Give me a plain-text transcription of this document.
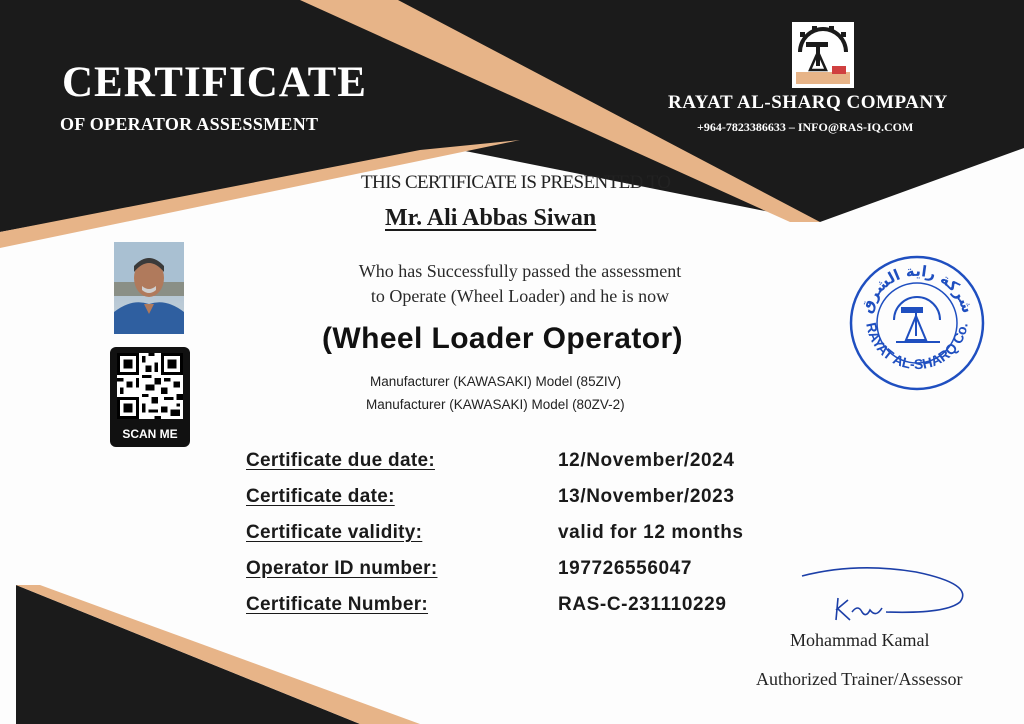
CERTIFICATE
OF OPERATOR ASSESSMENT
RAYAT AL-SHARQ COMPANY
+964-7823386633 – INFO@RAS-IQ.COM
THIS CERTIFICATE IS PRESENTED TO
Mr. Ali Abbas Siwan
SCAN ME
Who has Successfully passed the assessment
to Operate (Wheel Loader) and he is now
(Wheel Loader Operator)
Manufacturer (KAWASAKI) Model (85ZIV)
Manufacturer (KAWASAKI) Model (80ZV-2)
شركة راية الشرق
RAYAT AL-SHARQ Co.
Certificate due date:	12/November/2024
Certificate date:	13/November/2023
Certificate validity:	valid for 12 months
Operator ID number:	197726556047
Certificate Number:	RAS-C-231110229
Mohammad Kamal
Authorized Trainer/Assessor
